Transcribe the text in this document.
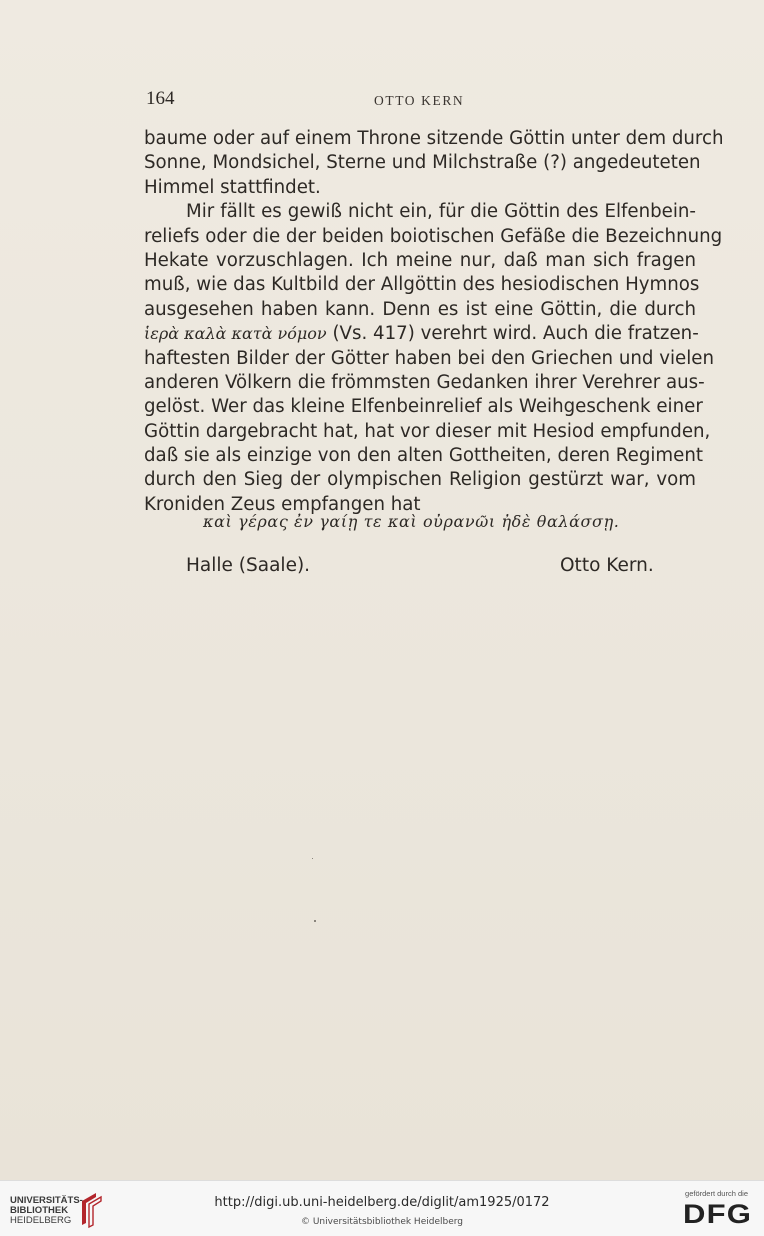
164	OTTO KERN
baume oder auf einem Throne sitzende Göttin unter dem durch
Sonne, Mondsichel, Sterne und Milchstraße (?) angedeuteten
Himmel stattfindet.
Mir fällt es gewiß nicht ein, für die Göttin des Elfenbein-
reliefs oder die der beiden boiotischen Gefäße die Bezeichnung
Hekate vorzuschlagen. Ich meine nur, daß man sich fragen
muß, wie das Kultbild der Allgöttin des hesiodischen Hymnos
ausgesehen haben kann. Denn es ist eine Göttin, die durch
ἱερὰ καλὰ κατὰ νόμον (Vs. 417) verehrt wird. Auch die fratzen-
haftesten Bilder der Götter haben bei den Griechen und vielen
anderen Völkern die frömmsten Gedanken ihrer Verehrer aus-
gelöst. Wer das kleine Elfenbeinrelief als Weihgeschenk einer
Göttin dargebracht hat, hat vor dieser mit Hesiod empfunden,
daß sie als einzige von den alten Gottheiten, deren Regiment
durch den Sieg der olympischen Religion gestürzt war, vom
Kroniden Zeus empfangen hat
καὶ γέρας ἐν γαίῃ τε καὶ οὐρανῶι ἠδὲ θαλάσσῃ.
Halle (Saale).	Otto Kern.
UNIVERSITÄTS-
BIBLIOTHEK
HEIDELBERG
http://digi.ub.uni-heidelberg.de/diglit/am1925/0172
© Universitätsbibliothek Heidelberg
gefördert durch die
DFG
